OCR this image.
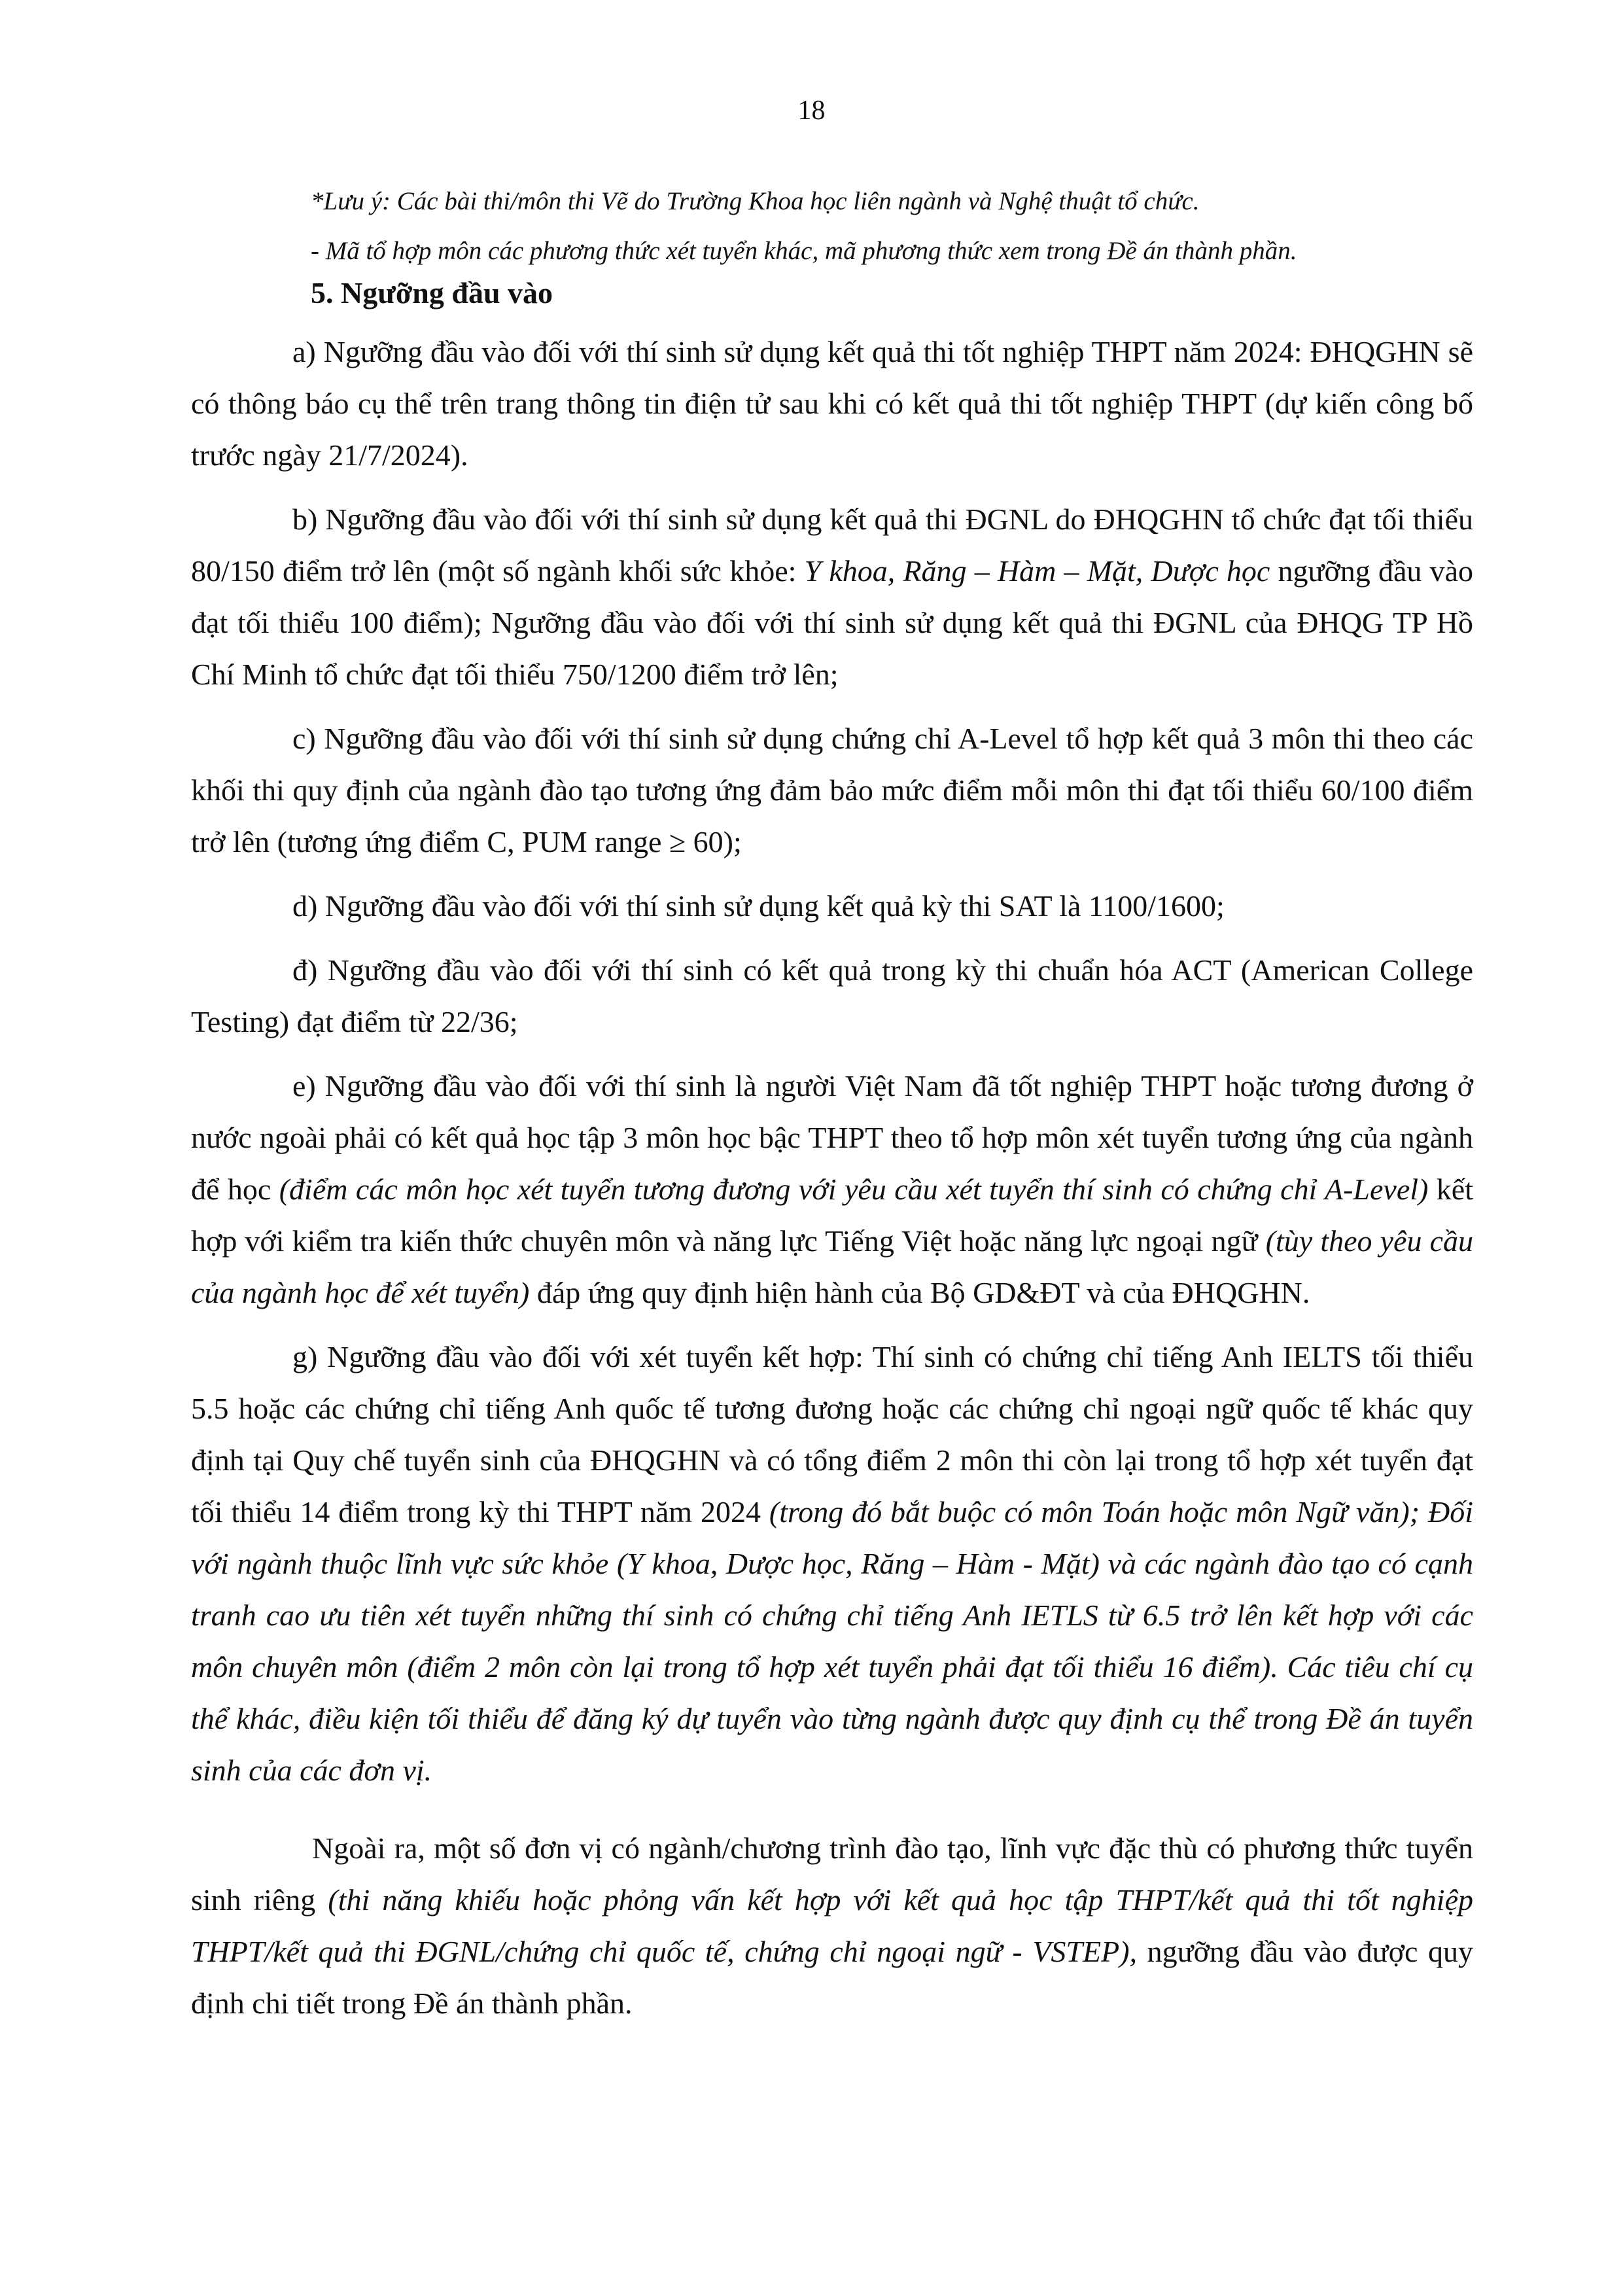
18

*Lưu ý: Các bài thi/môn thi Vẽ do Trường Khoa học liên ngành và Nghệ thuật tổ chức.

- Mã tổ hợp môn các phương thức xét tuyển khác, mã phương thức xem trong Đề án thành phần.

5. Ngưỡng đầu vào

a) Ngưỡng đầu vào đối với thí sinh sử dụng kết quả thi tốt nghiệp THPT năm 2024: ĐHQGHN sẽ có thông báo cụ thể trên trang thông tin điện tử sau khi có kết quả thi tốt nghiệp THPT (dự kiến công bố trước ngày 21/7/2024).

b) Ngưỡng đầu vào đối với thí sinh sử dụng kết quả thi ĐGNL do ĐHQGHN tổ chức đạt tối thiểu 80/150 điểm trở lên (một số ngành khối sức khỏe: Y khoa, Răng – Hàm – Mặt, Dược học ngưỡng đầu vào đạt tối thiểu 100 điểm); Ngưỡng đầu vào đối với thí sinh sử dụng kết quả thi ĐGNL của ĐHQG TP Hồ Chí Minh tổ chức đạt tối thiểu 750/1200 điểm trở lên;

c) Ngưỡng đầu vào đối với thí sinh sử dụng chứng chỉ A-Level tổ hợp kết quả 3 môn thi theo các khối thi quy định của ngành đào tạo tương ứng đảm bảo mức điểm mỗi môn thi đạt tối thiểu 60/100 điểm trở lên (tương ứng điểm C, PUM range ≥ 60);

d) Ngưỡng đầu vào đối với thí sinh sử dụng kết quả kỳ thi SAT là 1100/1600;

đ) Ngưỡng đầu vào đối với thí sinh có kết quả trong kỳ thi chuẩn hóa ACT (American College Testing) đạt điểm từ 22/36;

e) Ngưỡng đầu vào đối với thí sinh là người Việt Nam đã tốt nghiệp THPT hoặc tương đương ở nước ngoài phải có kết quả học tập 3 môn học bậc THPT theo tổ hợp môn xét tuyển tương ứng của ngành để học (điểm các môn học xét tuyển tương đương với yêu cầu xét tuyển thí sinh có chứng chỉ A-Level) kết hợp với kiểm tra kiến thức chuyên môn và năng lực Tiếng Việt hoặc năng lực ngoại ngữ (tùy theo yêu cầu của ngành học để xét tuyển) đáp ứng quy định hiện hành của Bộ GD&ĐT và của ĐHQGHN.

g) Ngưỡng đầu vào đối với xét tuyển kết hợp: Thí sinh có chứng chỉ tiếng Anh IELTS tối thiểu 5.5 hoặc các chứng chỉ tiếng Anh quốc tế tương đương hoặc các chứng chỉ ngoại ngữ quốc tế khác quy định tại Quy chế tuyển sinh của ĐHQGHN và có tổng điểm 2 môn thi còn lại trong tổ hợp xét tuyển đạt tối thiểu 14 điểm trong kỳ thi THPT năm 2024 (trong đó bắt buộc có môn Toán hoặc môn Ngữ văn); Đối với ngành thuộc lĩnh vực sức khỏe (Y khoa, Dược học, Răng – Hàm - Mặt) và các ngành đào tạo có cạnh tranh cao ưu tiên xét tuyển những thí sinh có chứng chỉ tiếng Anh IETLS từ 6.5 trở lên kết hợp với các môn chuyên môn (điểm 2 môn còn lại trong tổ hợp xét tuyển phải đạt tối thiểu 16 điểm). Các tiêu chí cụ thể khác, điều kiện tối thiểu để đăng ký dự tuyển vào từng ngành được quy định cụ thể trong Đề án tuyển sinh của các đơn vị.

Ngoài ra, một số đơn vị có ngành/chương trình đào tạo, lĩnh vực đặc thù có phương thức tuyển sinh riêng (thi năng khiếu hoặc phỏng vấn kết hợp với kết quả học tập THPT/kết quả thi tốt nghiệp THPT/kết quả thi ĐGNL/chứng chỉ quốc tế, chứng chỉ ngoại ngữ - VSTEP), ngưỡng đầu vào được quy định chi tiết trong Đề án thành phần.
